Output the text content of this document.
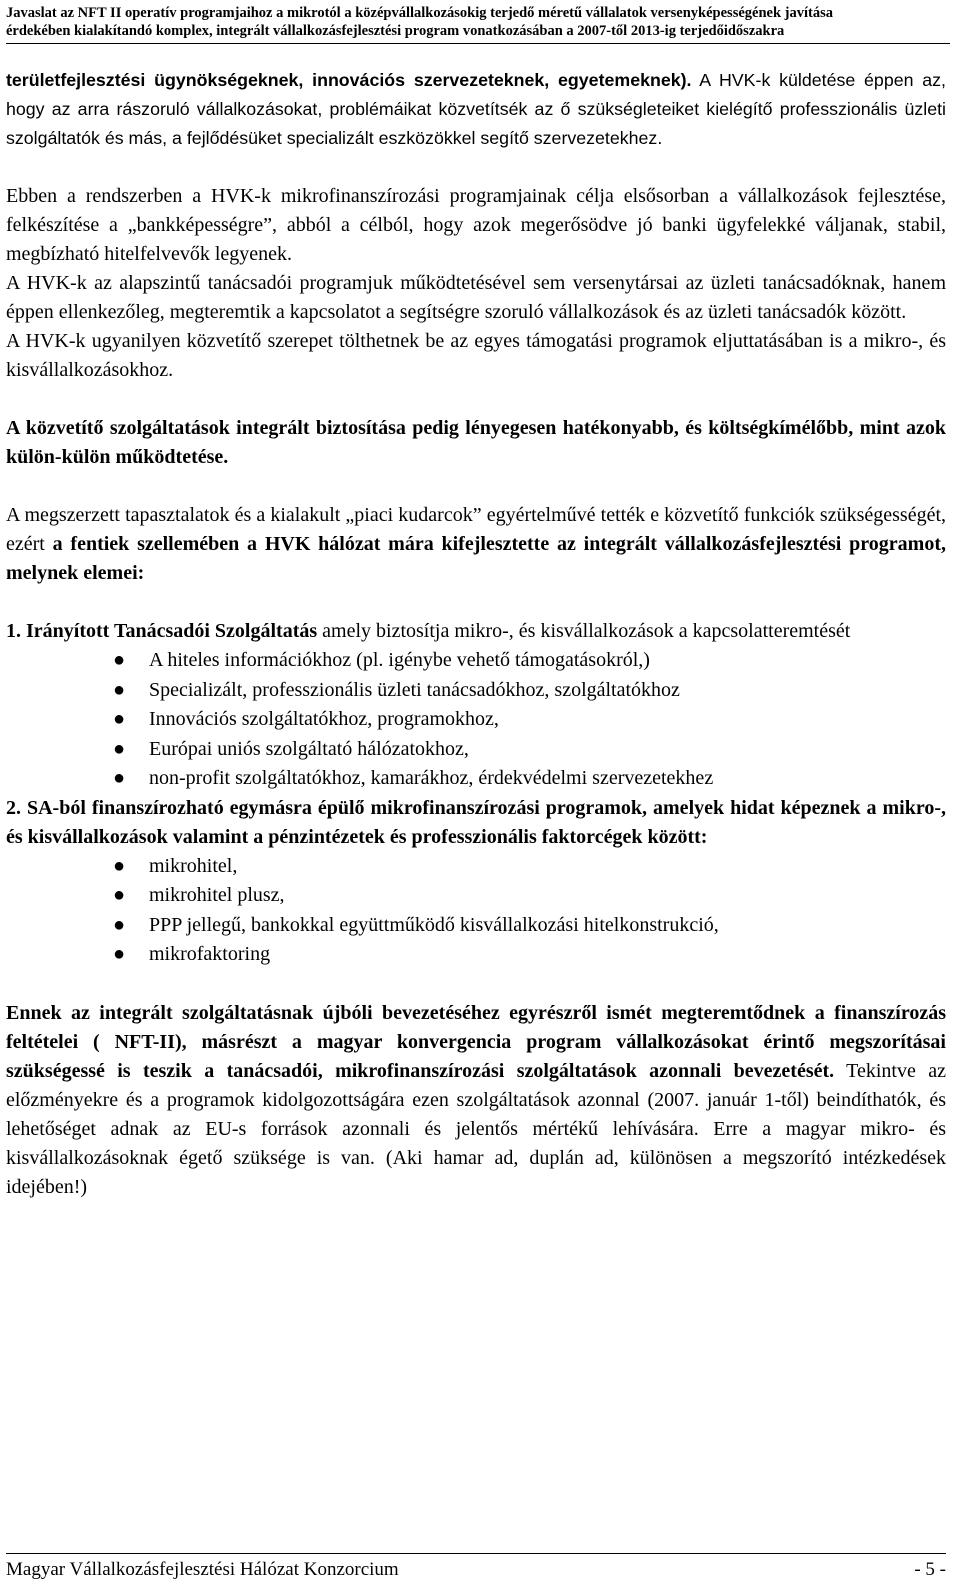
Javaslat az NFT II operatív programjaihoz a mikrotól a középvállalkozásokig terjedő méretű vállalatok versenyképességének javítása
érdekében kialakítandó komplex, integrált vállalkozásfejlesztési program vonatkozásában a 2007-től 2013-ig terjedőidőszakra

területfejlesztési ügynökségeknek, innovációs szervezeteknek, egyetemeknek). A HVK-k küldetése éppen az, hogy az arra rászoruló vállalkozásokat, problémáikat közvetítsék az ő szükségleteiket kielégítő professzionális üzleti szolgáltatók és más, a fejlődésüket specializált eszközökkel segítő szervezetekhez.

Ebben a rendszerben a HVK-k mikrofinanszírozási programjainak célja elsősorban a vállalkozások fejlesztése, felkészítése a „bankképességre”, abból a célból, hogy azok megerősödve jó banki ügyfelekké váljanak, stabil, megbízható hitelfelvevők legyenek.

A HVK-k az alapszintű tanácsadói programjuk működtetésével sem versenytársai az üzleti tanácsadóknak, hanem éppen ellenkezőleg, megteremtik a kapcsolatot a segítségre szoruló vállalkozások és az üzleti tanácsadók között.

A HVK-k ugyanilyen közvetítő szerepet tölthetnek be az egyes támogatási programok eljuttatásában is a mikro-, és kisvállalkozásokhoz.

A közvetítő szolgáltatások integrált biztosítása pedig lényegesen hatékonyabb, és költségkímélőbb, mint azok külön-külön működtetése.

A megszerzett tapasztalatok és a kialakult „piaci kudarcok” egyértelművé tették e közvetítő funkciók szükségességét, ezért a fentiek szellemében a HVK hálózat mára kifejlesztette az integrált vállalkozásfejlesztési programot, melynek elemei:

1. Irányított Tanácsadói Szolgáltatás amely biztosítja mikro-, és kisvállalkozások a kapcsolatteremtését

● A hiteles információkhoz (pl. igénybe vehető támogatásokról,)
● Specializált, professzionális üzleti tanácsadókhoz, szolgáltatókhoz
● Innovációs szolgáltatókhoz, programokhoz,
● Európai uniós szolgáltató hálózatokhoz,
● non-profit szolgáltatókhoz, kamarákhoz, érdekvédelmi szervezetekhez

2. SA-ból finanszírozható egymásra épülő mikrofinanszírozási programok, amelyek hidat képeznek a mikro-, és kisvállalkozások valamint a pénzintézetek és professzionális faktorcégek között:

● mikrohitel,
● mikrohitel plusz,
● PPP jellegű, bankokkal együttműködő kisvállalkozási hitelkonstrukció,
● mikrofaktoring

Ennek az integrált szolgáltatásnak újbóli bevezetéséhez egyrészről ismét megteremtődnek a finanszírozás feltételei ( NFT-II), másrészt a magyar konvergencia program vállalkozásokat érintő megszorításai szükségessé is teszik a tanácsadói, mikrofinanszírozási szolgáltatások azonnali bevezetését. Tekintve az előzményekre és a programok kidolgozottságára ezen szolgáltatások azonnal (2007. január 1-től) beindíthatók, és lehetőséget adnak az EU-s források azonnali és jelentős mértékű lehívására. Erre a magyar mikro- és kisvállalkozásoknak égető szüksége is van. (Aki hamar ad, duplán ad, különösen a megszorító intézkedések idejében!)

Magyar Vállalkozásfejlesztési Hálózat Konzorcium	- 5 -
